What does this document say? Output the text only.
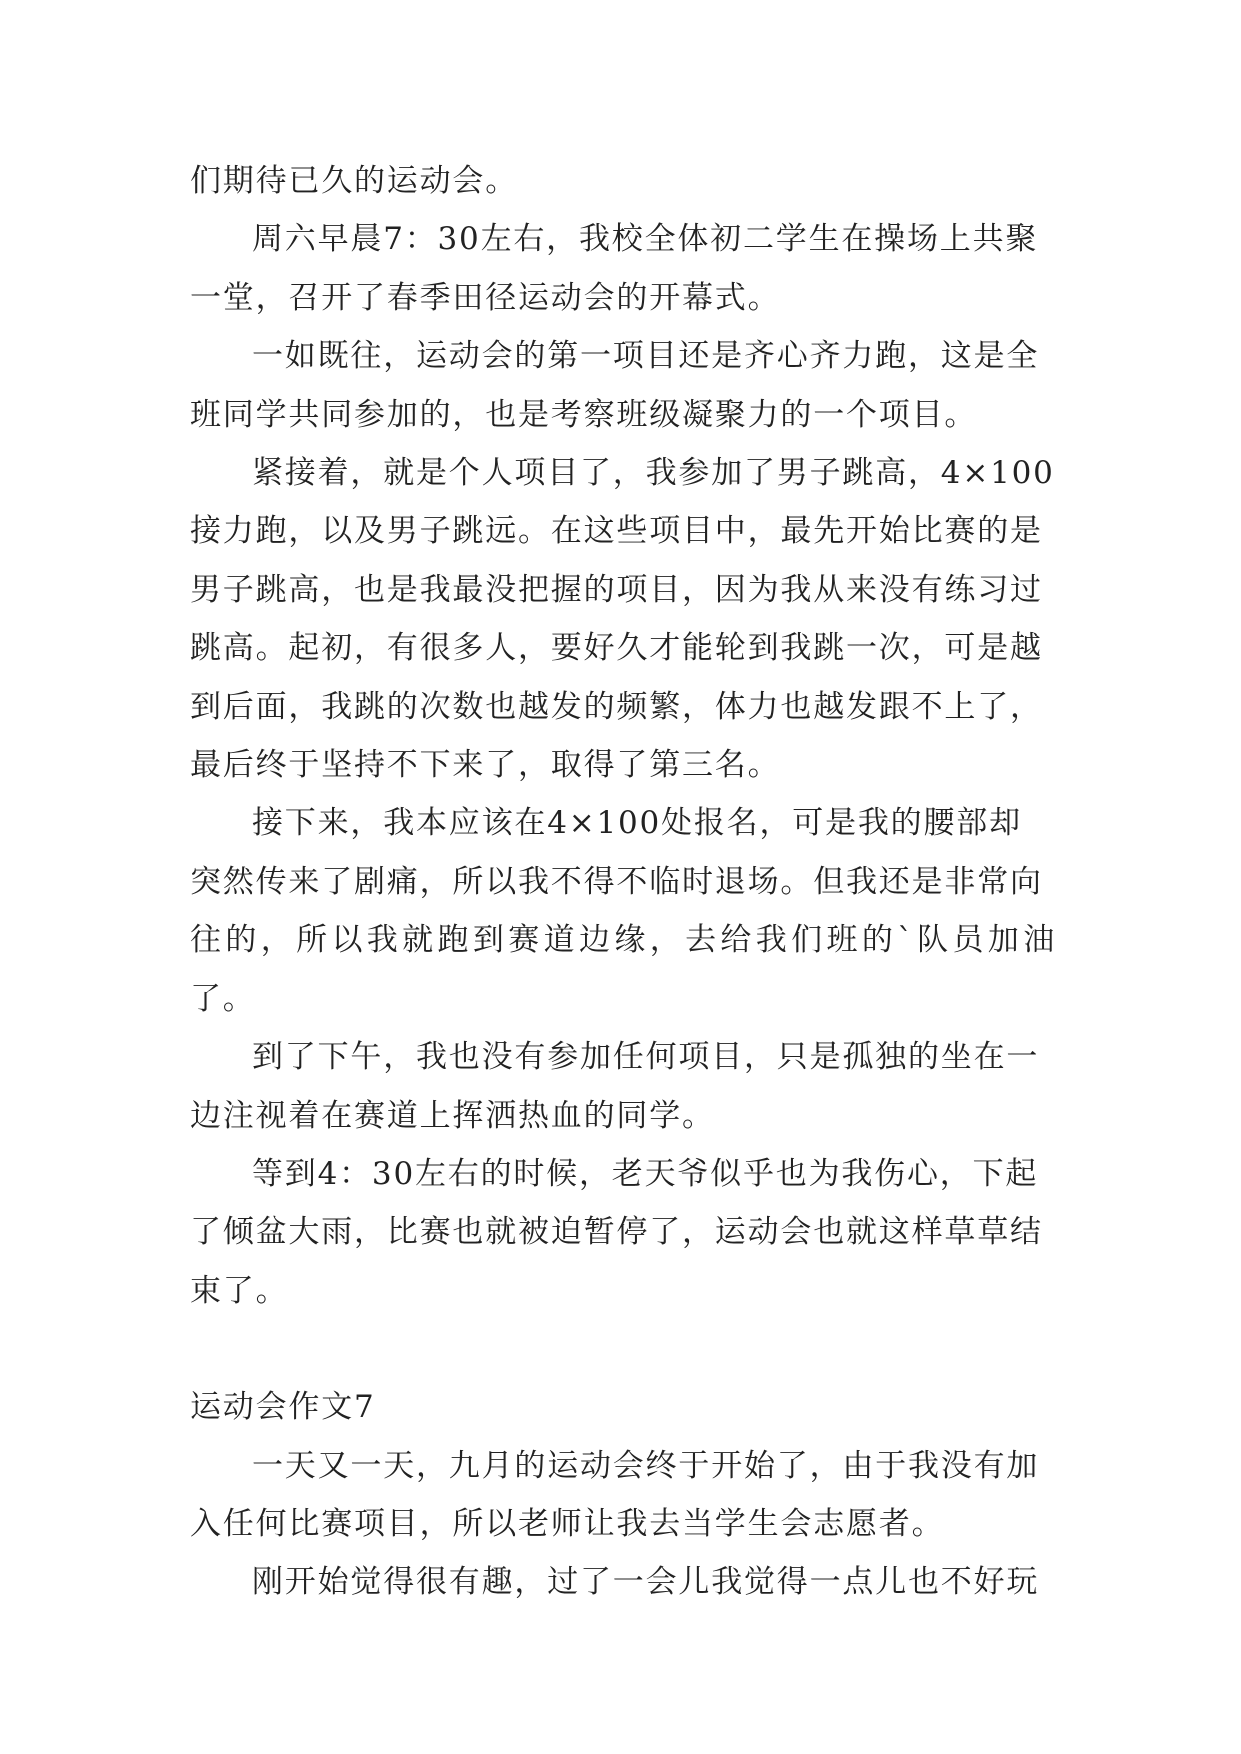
们期待已久的运动会。

周六早晨7：30左右，我校全体初二学生在操场上共聚
一堂，召开了春季田径运动会的开幕式。

一如既往，运动会的第一项目还是齐心齐力跑，这是全
班同学共同参加的，也是考察班级凝聚力的一个项目。

紧接着，就是个人项目了，我参加了男子跳高，4×100
接力跑，以及男子跳远。在这些项目中，最先开始比赛的是
男子跳高，也是我最没把握的项目，因为我从来没有练习过
跳高。起初，有很多人，要好久才能轮到我跳一次，可是越
到后面，我跳的次数也越发的频繁，体力也越发跟不上了，
最后终于坚持不下来了，取得了第三名。

接下来，我本应该在4×100处报名，可是我的腰部却
突然传来了剧痛，所以我不得不临时退场。但我还是非常向
往的，所以我就跑到赛道边缘，去给我们班的`队员加油了。

到了下午，我也没有参加任何项目，只是孤独的坐在一
边注视着在赛道上挥洒热血的同学。

等到4：30左右的时候，老天爷似乎也为我伤心，下起
了倾盆大雨，比赛也就被迫暂停了，运动会也就这样草草结
束了。

运动会作文7

一天又一天，九月的运动会终于开始了，由于我没有加
入任何比赛项目，所以老师让我去当学生会志愿者。

刚开始觉得很有趣，过了一会儿我觉得一点儿也不好玩
